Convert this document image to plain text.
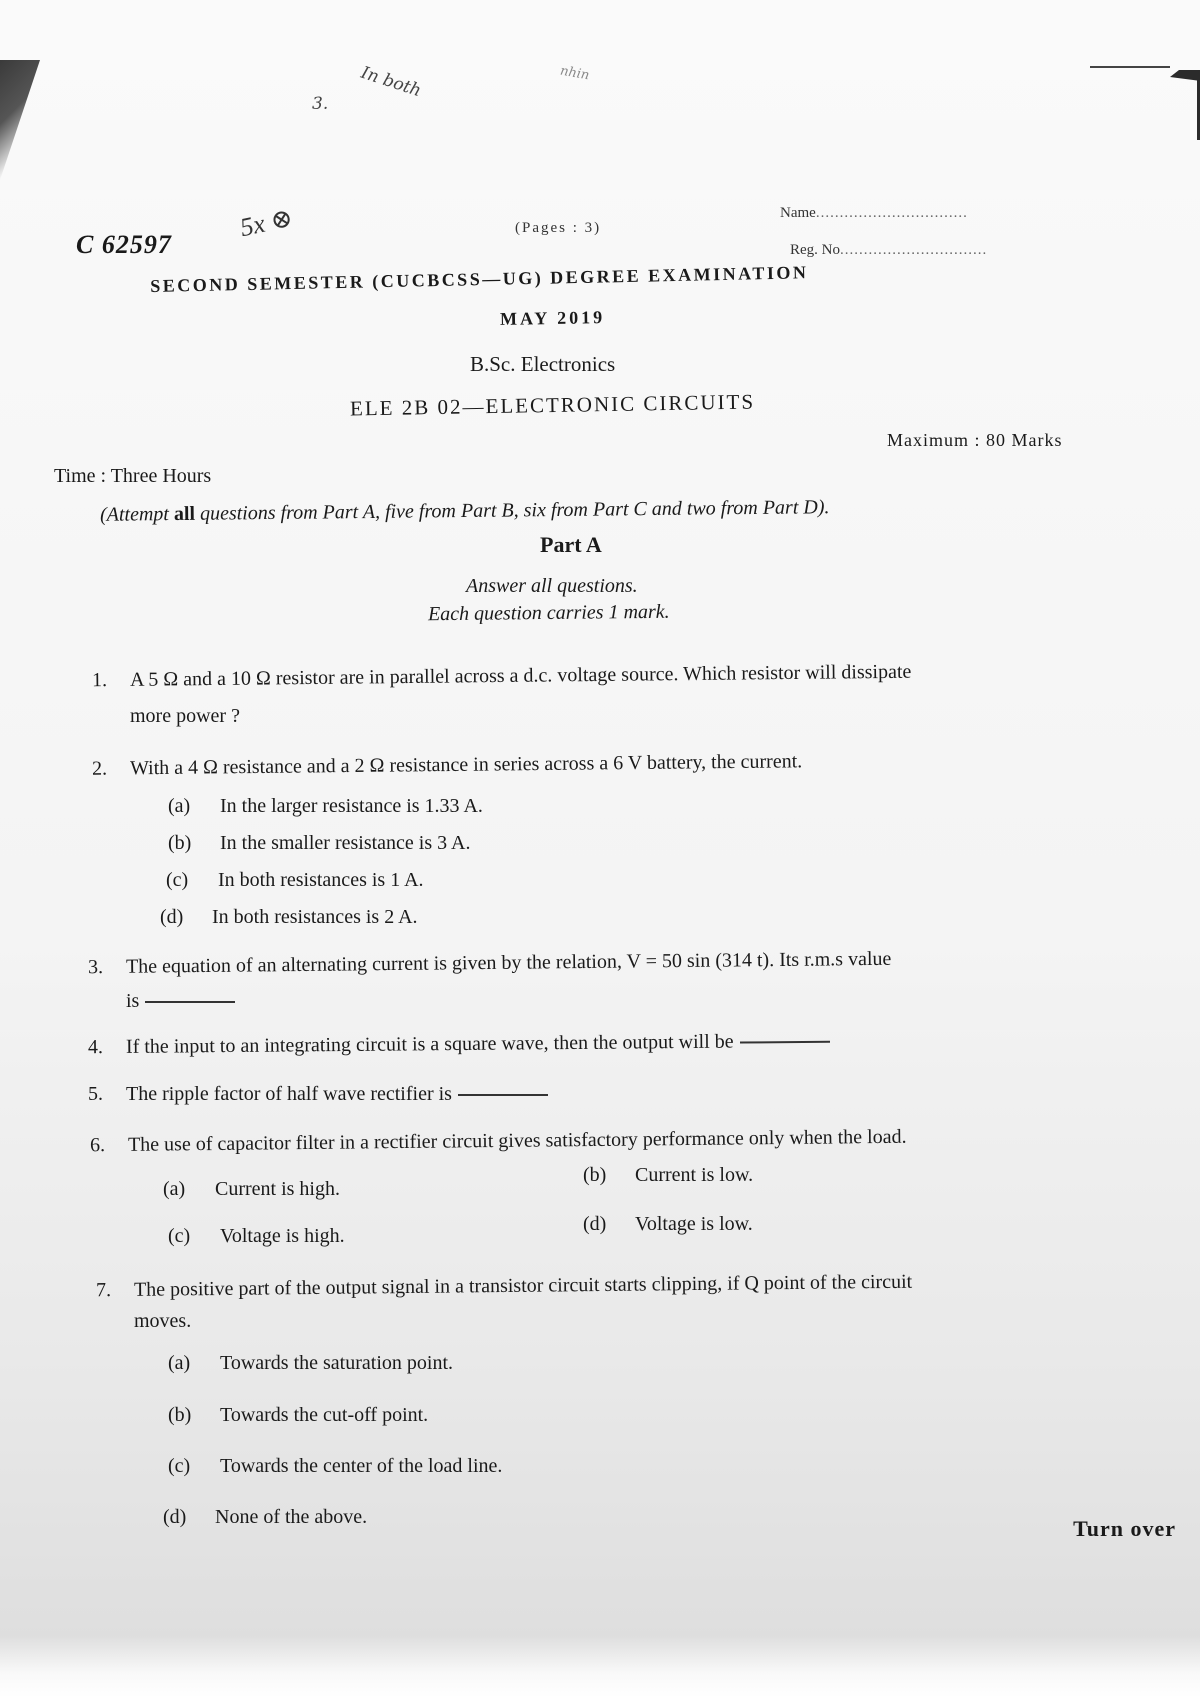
In both
3.
nhin
C 62597
5x ⊗	(Pages : 3)
Name................................
Reg. No...............................
SECOND SEMESTER (CUCBCSS—UG) DEGREE EXAMINATION
MAY 2019
B.Sc. Electronics
ELE 2B 02—ELECTRONIC CIRCUITS
Maximum : 80 Marks
Time : Three Hours
(Attempt all questions from Part A, five from Part B, six from Part C and two from Part D).
Part A
Answer all questions.
Each question carries 1 mark.
1. A 5 Ω and a 10 Ω resistor are in parallel across a d.c. voltage source. Which resistor will dissipate
more power ?
2. With a 4 Ω resistance and a 2 Ω resistance in series across a 6 V battery, the current.
(a) In the larger resistance is 1.33 A.
(b) In the smaller resistance is 3 A.
(c) In both resistances is 1 A.
(d) In both resistances is 2 A.
3. The equation of an alternating current is given by the relation, V = 50 sin (314 t). Its r.m.s value
is
4. If the input to an integrating circuit is a square wave, then the output will be
5. The ripple factor of half wave rectifier is
6. The use of capacitor filter in a rectifier circuit gives satisfactory performance only when the load.
(a) Current is high.
(b) Current is low.
(c) Voltage is high.
(d) Voltage is low.
7. The positive part of the output signal in a transistor circuit starts clipping, if Q point of the circuit
moves.
(a) Towards the saturation point.
(b) Towards the cut-off point.
(c) Towards the center of the load line.
(d) None of the above.	Turn over
